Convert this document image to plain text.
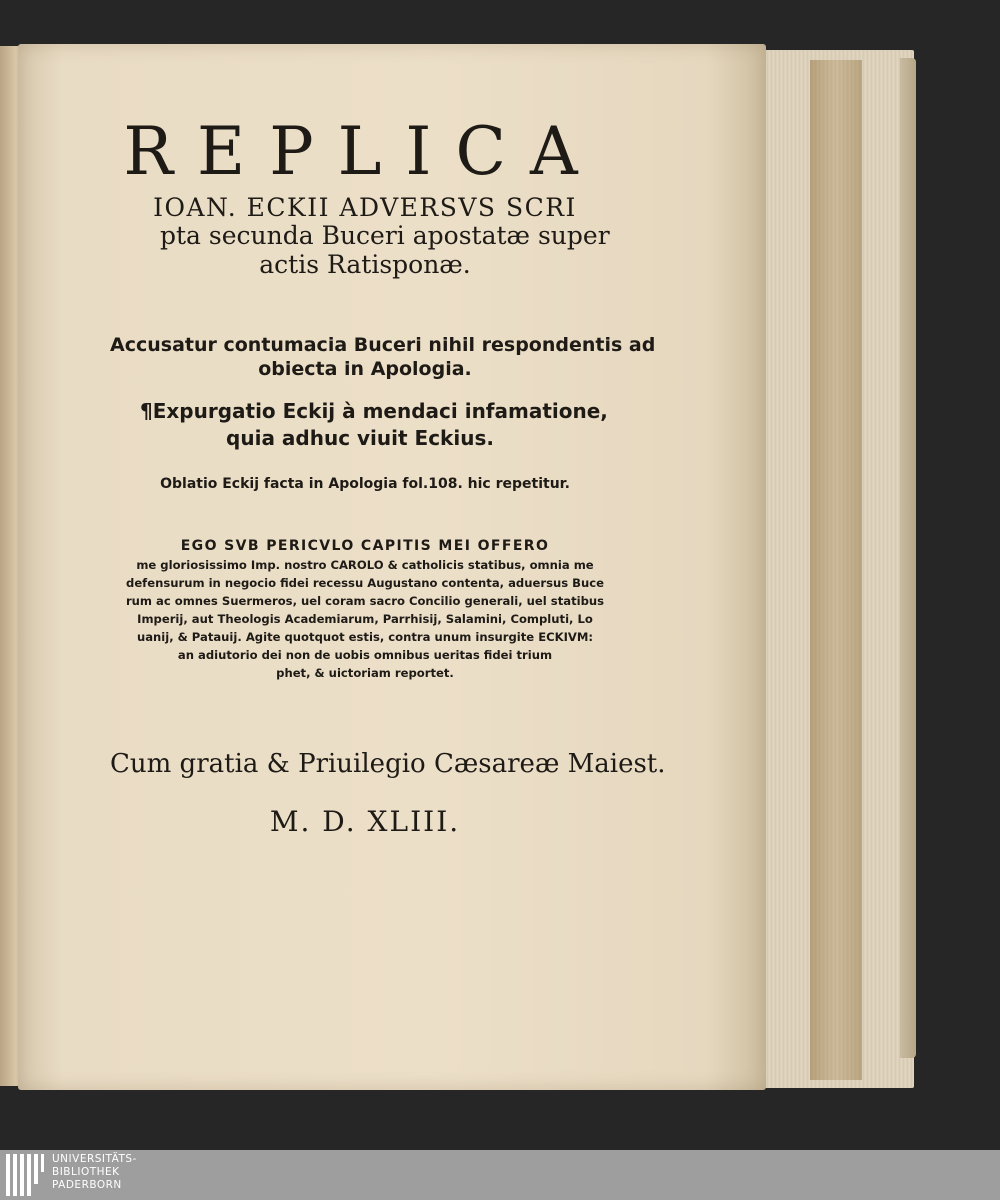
REPLICA
IOAN. ECKII ADVERSVS SCRI
pta secunda Buceri apostatæ super
actis Ratisponæ.
Accusatur contumacia Buceri nihil respondentis ad
obiecta in Apologia.
¶Expurgatio Eckij à mendaci infamatione,
quia adhuc viuit Eckius.
Oblatio Eckij facta in Apologia fol.108. hic repetitur.
EGO SVB PERICVLO CAPITIS MEI OFFERO
me gloriosissimo Imp. nostro CAROLO & catholicis statibus, omnia me
defensurum in negocio fidei recessu Augustano contenta, aduersus Buce
rum ac omnes Suermeros, uel coram sacro Concilio generali, uel statibus
Imperij, aut Theologis Academiarum, Parrhisij, Salamini, Compluti, Lo
uanij, & Patauij. Agite quotquot estis, contra unum insurgite ECKIVM:
an adiutorio dei non de uobis omnibus ueritas fidei trium
phet, & uictoriam reportet.
Cum gratia & Priuilegio Cæsareæ Maiest.
M. D. XLIII.
UNIVERSITÄTS-
BIBLIOTHEK
PADERBORN
